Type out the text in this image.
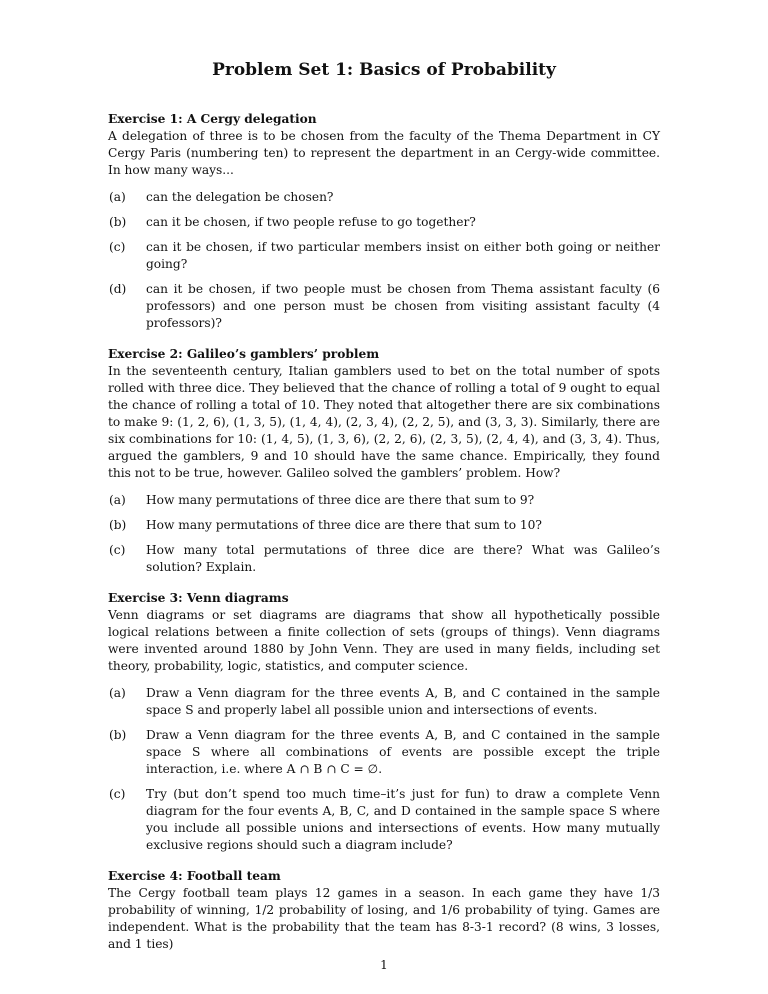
Problem Set 1: Basics of Probability

Exercise 1: A Cergy delegation

A delegation of three is to be chosen from the faculty of the Thema Department in CY Cergy Paris (numbering ten) to represent the department in an Cergy-wide committee. In how many ways...

(a)	can the delegation be chosen?
(b)	can it be chosen, if two people refuse to go together?
(c)	can it be chosen, if two particular members insist on either both going or neither going?
(d)	can it be chosen, if two people must be chosen from Thema assistant faculty (6 professors) and one person must be chosen from visiting assistant faculty (4 professors)?

Exercise 2: Galileo’s gamblers’ problem

In the seventeenth century, Italian gamblers used to bet on the total number of spots rolled with three dice. They believed that the chance of rolling a total of 9 ought to equal the chance of rolling a total of 10. They noted that altogether there are six combinations to make 9: (1, 2, 6), (1, 3, 5), (1, 4, 4), (2, 3, 4), (2, 2, 5), and (3, 3, 3). Similarly, there are six combinations for 10: (1, 4, 5), (1, 3, 6), (2, 2, 6), (2, 3, 5), (2, 4, 4), and (3, 3, 4). Thus, argued the gamblers, 9 and 10 should have the same chance. Empirically, they found this not to be true, however. Galileo solved the gamblers’ problem. How?

(a)	How many permutations of three dice are there that sum to 9?
(b)	How many permutations of three dice are there that sum to 10?
(c)	How many total permutations of three dice are there? What was Galileo’s solution? Explain.

Exercise 3: Venn diagrams

Venn diagrams or set diagrams are diagrams that show all hypothetically possible logical relations between a finite collection of sets (groups of things). Venn diagrams were invented around 1880 by John Venn. They are used in many fields, including set theory, probability, logic, statistics, and computer science.

(a)	Draw a Venn diagram for the three events A, B, and C contained in the sample space S and properly label all possible union and intersections of events.
(b)	Draw a Venn diagram for the three events A, B, and C contained in the sample space S where all combinations of events are possible except the triple interaction, i.e. where A ∩ B ∩ C = ∅.
(c)	Try (but don’t spend too much time–it’s just for fun) to draw a complete Venn diagram for the four events A, B, C, and D contained in the sample space S where you include all possible unions and intersections of events. How many mutually exclusive regions should such a diagram include?

Exercise 4: Football team

The Cergy football team plays 12 games in a season. In each game they have 1/3 probability of winning, 1/2 probability of losing, and 1/6 probability of tying. Games are independent. What is the probability that the team has 8-3-1 record? (8 wins, 3 losses, and 1 ties)

1
